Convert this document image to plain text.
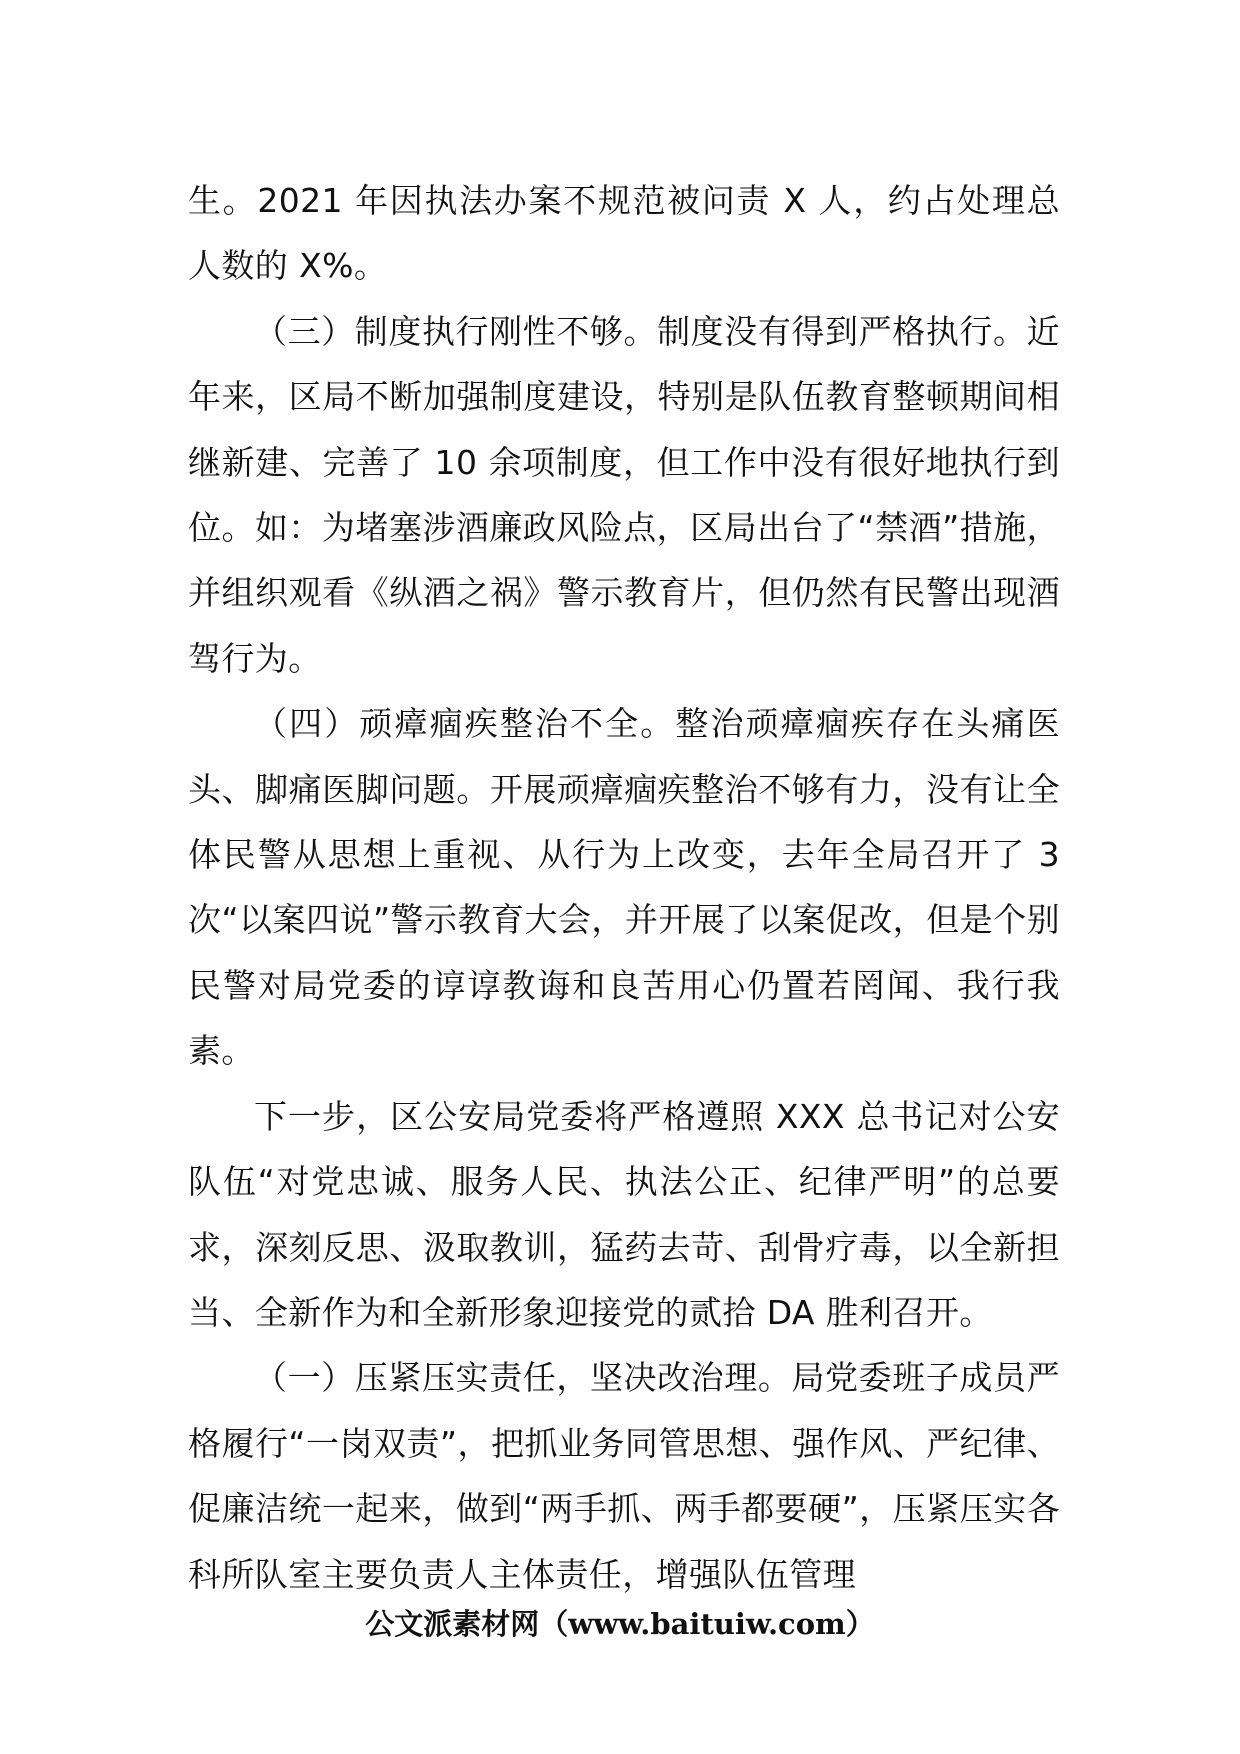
生。2021 年因执法办案不规范被问责 X 人，约占处理总人数的 X%。

（三）制度执行刚性不够。制度没有得到严格执行。近年来，区局不断加强制度建设，特别是队伍教育整顿期间相继新建、完善了 10 余项制度，但工作中没有很好地执行到位。如：为堵塞涉酒廉政风险点，区局出台了“禁酒”措施，并组织观看《纵酒之祸》警示教育片，但仍然有民警出现酒驾行为。

（四）顽瘴痼疾整治不全。整治顽瘴痼疾存在头痛医头、脚痛医脚问题。开展顽瘴痼疾整治不够有力，没有让全体民警从思想上重视、从行为上改变，去年全局召开了 3 次“以案四说”警示教育大会，并开展了以案促改，但是个别民警对局党委的谆谆教诲和良苦用心仍置若罔闻、我行我素。

下一步，区公安局党委将严格遵照 XXX 总书记对公安队伍“对党忠诚、服务人民、执法公正、纪律严明”的总要求，深刻反思、汲取教训，猛药去苛、刮骨疗毒，以全新担当、全新作为和全新形象迎接党的贰拾 DA 胜利召开。

（一）压紧压实责任，坚决改治理。局党委班子成员严格履行“一岗双责”，把抓业务同管思想、强作风、严纪律、促廉洁统一起来，做到“两手抓、两手都要硬”，压紧压实各科所队室主要负责人主体责任，增强队伍管理

公文派素材网（www.baituiw.com）
